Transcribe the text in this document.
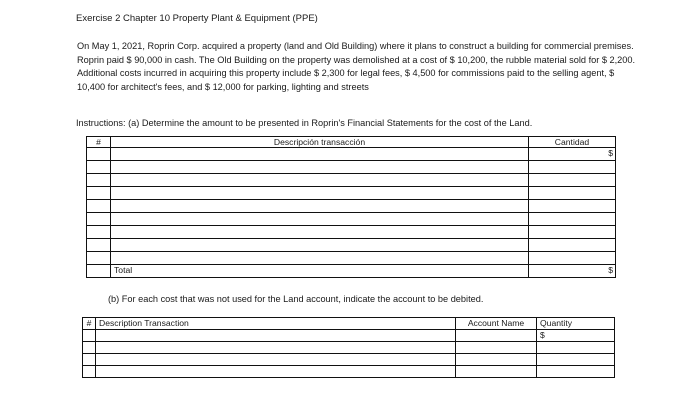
Exercise 2 Chapter 10 Property Plant & Equipment (PPE)
On May 1, 2021, Roprin Corp. acquired a property (land and Old Building) where it plans to construct a building for commercial premises. Roprin paid $ 90,000 in cash. The Old Building on the property was demolished at a cost of $ 10,200, the rubble material sold for $ 2,200. Additional costs incurred in acquiring this property include $ 2,300 for legal fees, $ 4,500 for commissions paid to the selling agent, $ 10,400 for architect's fees, and $ 12,000 for parking, lighting and streets
Instructions: (a) Determine the amount to be presented in Roprin's Financial Statements for the cost of the Land.
#	Descripción transacción	Cantidad
		$

	Total	$
(b) For each cost that was not used for the Land account, indicate the account to be debited.
#	Description Transaction	Account Name	Quantity
			$
